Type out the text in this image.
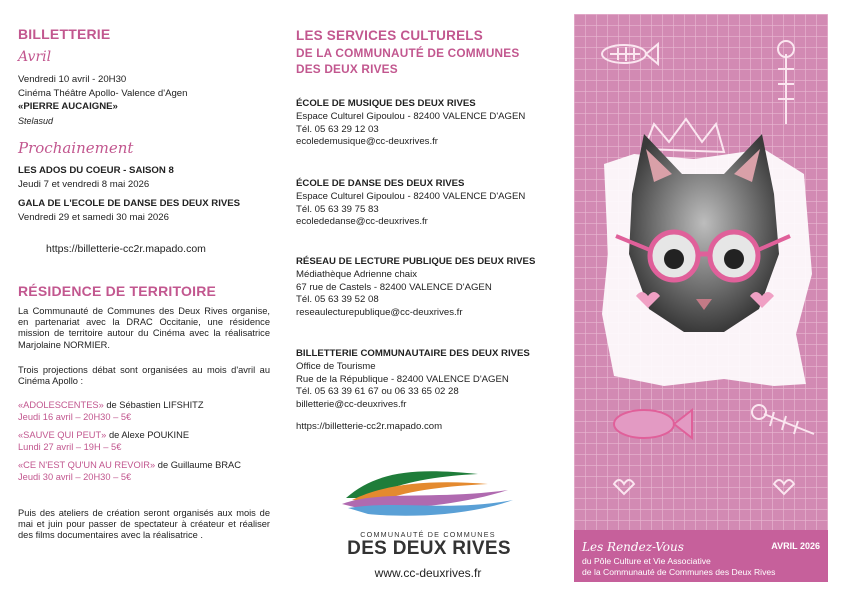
BILLETTERIE
Avril

Vendredi 10 avril - 20H30

Cinéma Théâtre Apollo- Valence d'Agen

«PIERRE AUCAIGNE»

Stelasud

Prochainement

LES ADOS DU COEUR - SAISON 8

Jeudi 7 et vendredi 8 mai 2026

GALA DE L'ECOLE DE DANSE DES DEUX RIVES

Vendredi 29 et samedi 30 mai 2026

https://billetterie-cc2r.mapado.com

RÉSIDENCE DE TERRITOIRE

La Communauté de Communes des Deux Rives organise, en partenariat avec la DRAC Occitanie, une résidence mission de territoire autour du Cinéma avec la réalisatrice Marjolaine NORMIER.

Trois projections débat sont organisées au mois d'avril au Cinéma Apollo :

«ADOLESCENTES» de Sébastien LIFSHITZ
Jeudi 16 avril – 20H30 – 5€

«SAUVE QUI PEUT» de Alexe POUKINE
Lundi 27 avril – 19H – 5€

«CE N'EST QU'UN AU REVOIR» de Guillaume BRAC
Jeudi 30 avril – 20H30 – 5€

Puis des ateliers de création seront organisés aux mois de mai et juin pour passer de spectateur à créateur et réaliser des films documentaires avec la réalisatrice .

LES SERVICES CULTURELS
DE LA COMMUNAUTÉ DE COMMUNES
DES DEUX RIVES

ÉCOLE DE MUSIQUE DES DEUX RIVES

Espace Culturel Gipoulou - 82400 VALENCE D'AGEN

Tél. 05 63 29 12 03

ecoledemusique@cc-deuxrives.fr

ÉCOLE DE DANSE DES DEUX RIVES

Espace Culturel Gipoulou - 82400 VALENCE D'AGEN

Tél. 05 63 39 75 83

ecolededanse@cc-deuxrives.fr

RÉSEAU DE LECTURE PUBLIQUE DES DEUX RIVES

Médiathèque Adrienne chaix

67 rue de Castels - 82400 VALENCE D'AGEN

Tél. 05 63 39 52 08

reseaulecturepublique@cc-deuxrives.fr

BILLETTERIE COMMUNAUTAIRE DES DEUX RIVES

Office de Tourisme

Rue de la République - 82400 VALENCE D'AGEN

Tél. 05 63 39 61 67 ou 06 33 65 02 28

billetterie@cc-deuxrives.fr

https://billetterie-cc2r.mapado.com

COMMUNAUTÉ DE COMMUNES
DES DEUX RIVES
www.cc-deuxrives.fr
Les Rendez-Vous	AVRIL 2026
du Pôle Culture et Vie Associative
de la Communauté de Communes des Deux Rives
